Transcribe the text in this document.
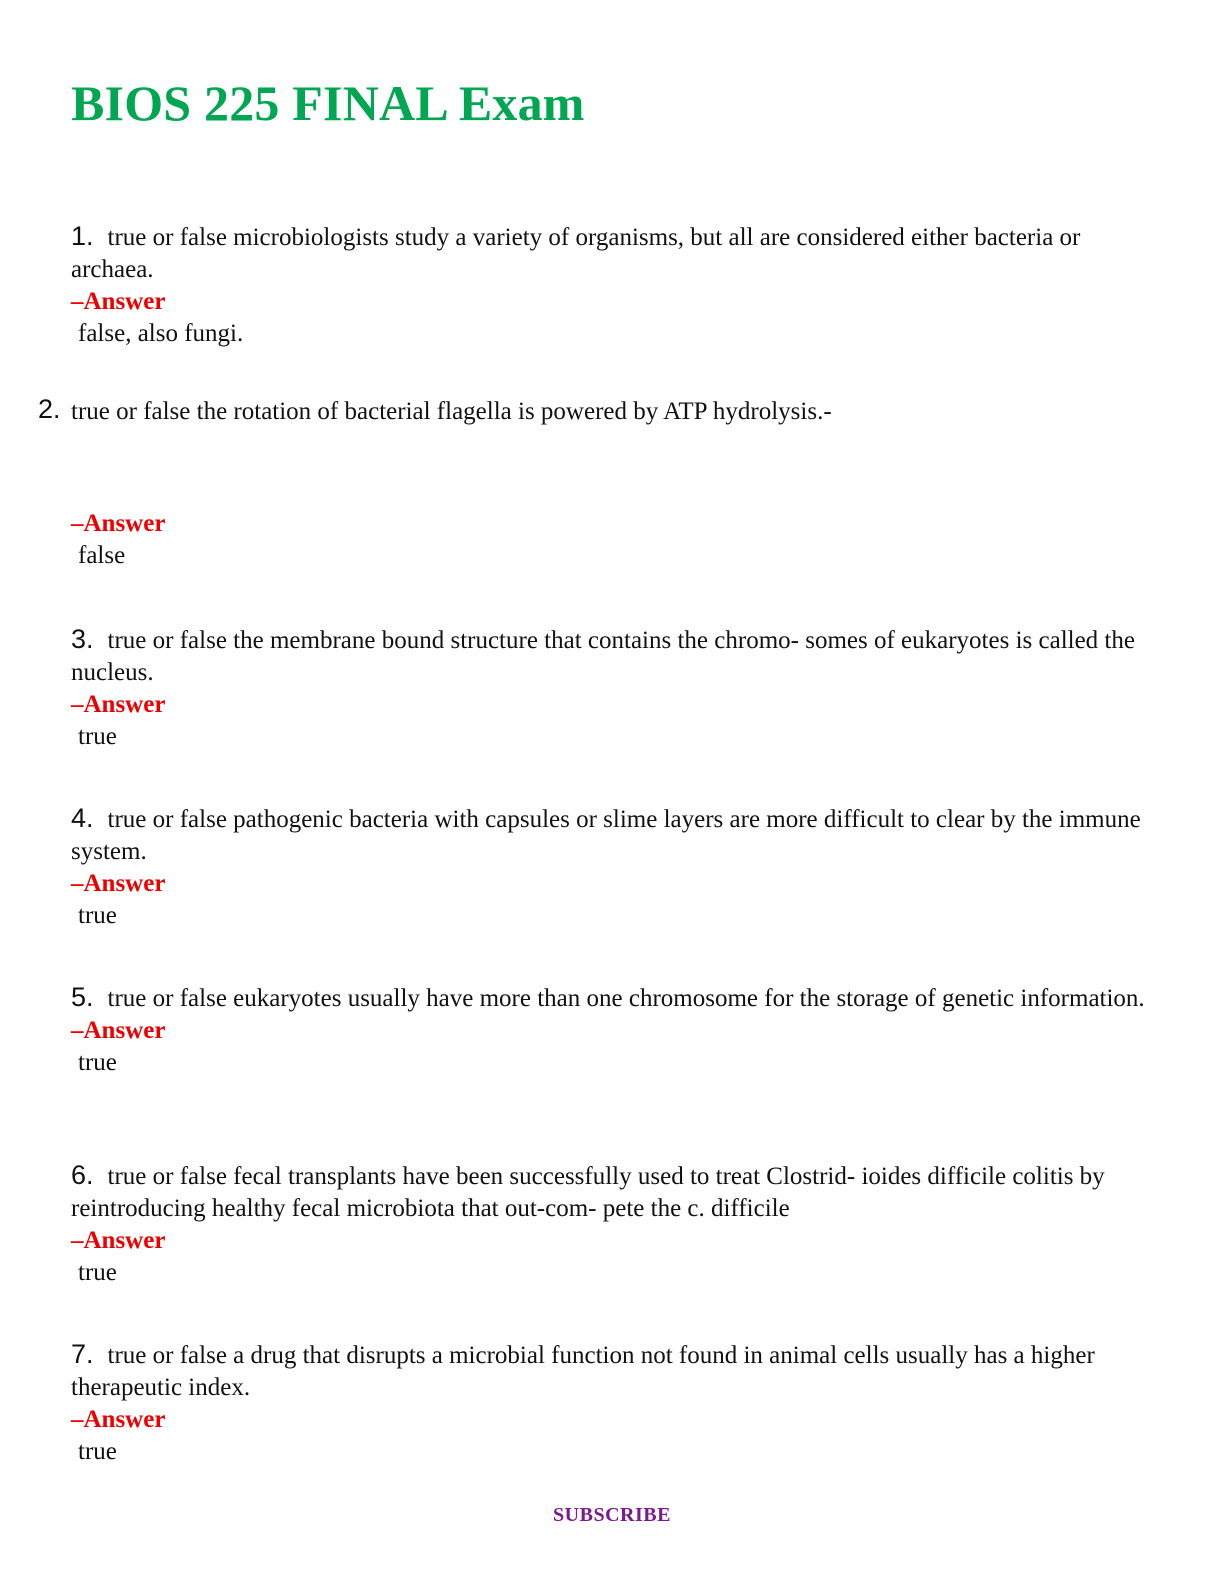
BIOS 225 FINAL Exam
1. true or false microbiologists study a variety of organisms, but all are considered either bacteria or archaea.
–Answer
false, also fungi.
2. true or false the rotation of bacterial flagella is powered by ATP hydrolysis.-
–Answer
false
3. true or false the membrane bound structure that contains the chromo- somes of eukaryotes is called the nucleus.
–Answer
true
4. true or false pathogenic bacteria with capsules or slime layers are more difficult to clear by the immune system.
–Answer
true
5. true or false eukaryotes usually have more than one chromosome for the storage of genetic information.
–Answer
true
6. true or false fecal transplants have been successfully used to treat Clostrid- ioides difficile colitis by reintroducing healthy fecal microbiota that out-com- pete the c. difficile
–Answer
true
7. true or false a drug that disrupts a microbial function not found in animal cells usually has a higher therapeutic index.
–Answer
true
SUBSCRIBE
